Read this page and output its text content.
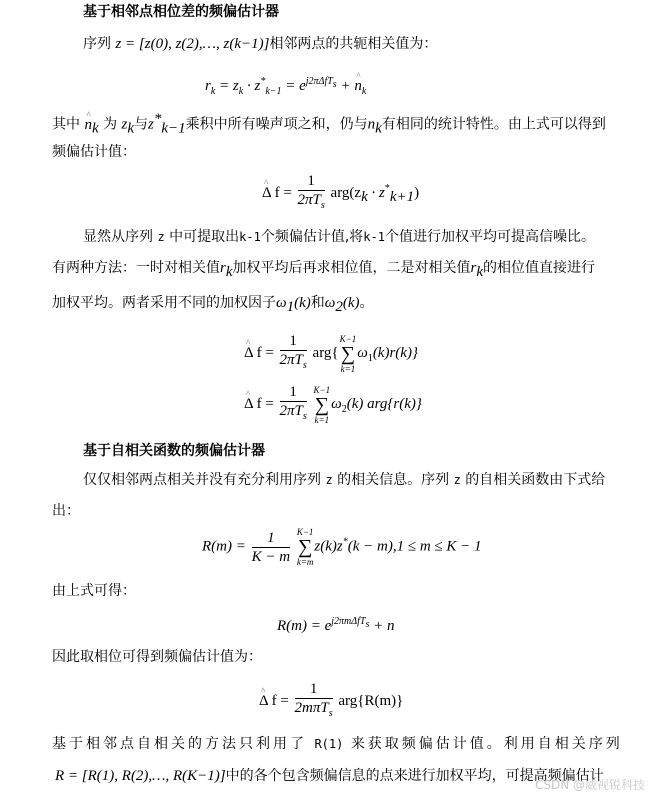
基于相邻点相位差的频偏估计器
序列 z = [z(0), z(2),…, z(k−1)]相邻两点的共轭相关值为：
$r_k = z_k \cdot z^*_{k-1} = e^{j2\pi\Delta fT_s}$ + ^ $n_k$
其中 ^ $n_k$ 为 $z_k$与$z^*_{k-1}$乘积中所有噪声项之和，仍与$n_k$有相同的统计特性。由上式可以得到
频偏估计值：
^ Δ $f = \frac{1}{2\pi T_s} arg(z_k \cdot z^*_{k+1})$
显然从序列 z 中可提取出k-1个频偏估计值,将k-1个值进行加权平均可提高信噪比。
有两种方法：一时对相关值$r_k$加权平均后再求相位值，二是对相关值$r_k$的相位值直接进行
加权平均。两者采用不同的加权因子$\omega_1(k)$和$\omega_2(k)$。
^ Δ $f = \frac{1}{2\pi T_s} arg${
K−1
∑
k=1
$\omega_1(k)r(k)$}
^ Δ $f = \frac{1}{2\pi T_s}$
K−1
∑
k=1
$\omega_2(k)$ arg{r(k)}
基于自相关函数的频偏估计器
仅仅相邻两点相关并没有充分利用序列 z 的相关信息。序列 z 的自相关函数由下式给
出：
$R(m) = \frac{1}{K - m}$
K−1
∑
k=m
z(k)z*(k − m),1 ≤ m ≤ K − 1
由上式可得：
$R(m) = e^{j2\pi m\Delta fT_s} + n$
因此取相位可得到频偏估计值为：
^ Δ $f = \frac{1}{2m\pi T_s} arg\{R(m)\}$
基于相邻点自相关的方法只利用了 R(1) 来获取频偏估计值。利用自相关序列
R = [R(1), R(2),…, R(K−1)]中的各个包含频偏信息的点来进行加权平均，可提高频偏估计
CSDN @威视锐科技
